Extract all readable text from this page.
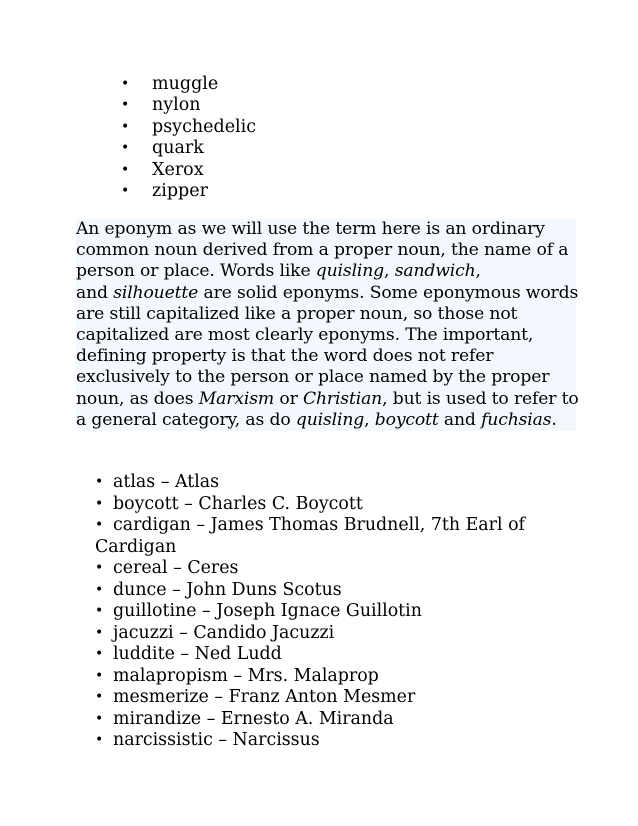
• muggle
• nylon
• psychedelic
• quark
• Xerox
• zipper

An eponym as we will use the term here is an ordinary
common noun derived from a proper noun, the name of a
person or place. Words like quisling, sandwich,
and silhouette are solid eponyms. Some eponymous words
are still capitalized like a proper noun, so those not
capitalized are most clearly eponyms. The important,
defining property is that the word does not refer
exclusively to the person or place named by the proper
noun, as does Marxism or Christian, but is used to refer to
a general category, as do quisling, boycott and fuchsias.

• atlas – Atlas
• boycott – Charles C. Boycott
• cardigan – James Thomas Brudnell, 7th Earl of
Cardigan
• cereal – Ceres
• dunce – John Duns Scotus
• guillotine – Joseph Ignace Guillotin
• jacuzzi – Candido Jacuzzi
• luddite – Ned Ludd
• malapropism – Mrs. Malaprop
• mesmerize – Franz Anton Mesmer
• mirandize – Ernesto A. Miranda
• narcissistic – Narcissus
